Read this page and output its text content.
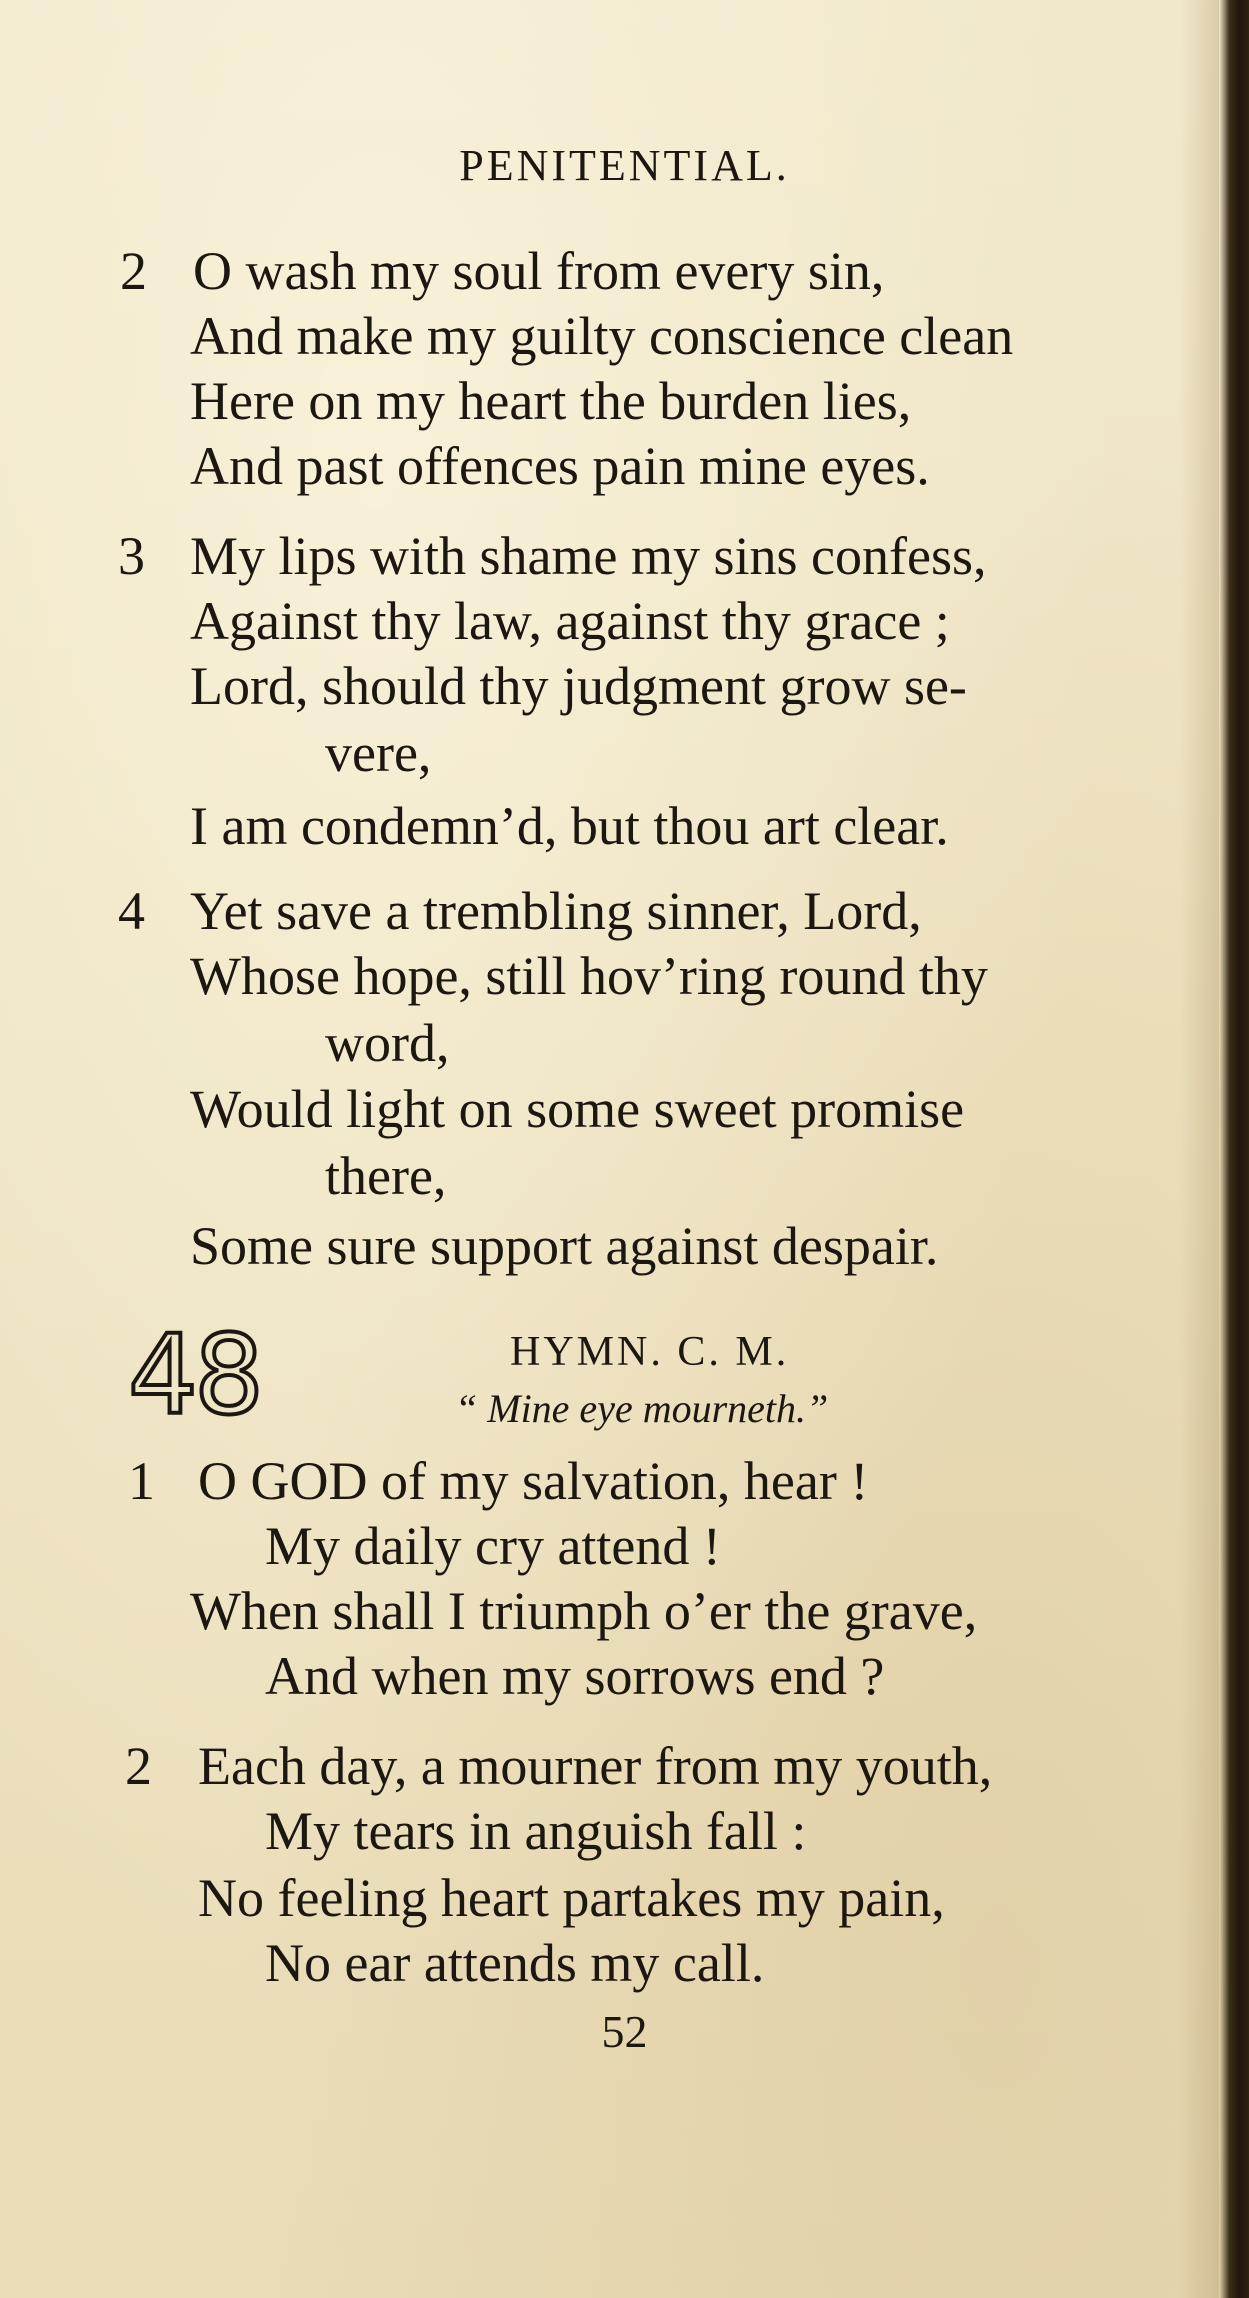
PENITENTIAL.
2 O wash my soul from every sin,
And make my guilty conscience clean
Here on my heart the burden lies,
And past offences pain mine eyes.
3 My lips with shame my sins confess,
Against thy law, against thy grace ;
Lord, should thy judgment grow se-
vere,
I am condemn’d, but thou art clear.
4 Yet save a trembling sinner, Lord,
Whose hope, still hov’ring round thy
word,
Would light on some sweet promise
there,
Some sure support against despair.
48	HYMN. C. M.
“ Mine eye mourneth.”
1 O GOD of my salvation, hear !
My daily cry attend !
When shall I triumph o’er the grave,
And when my sorrows end ?
2 Each day, a mourner from my youth,
My tears in anguish fall :
No feeling heart partakes my pain,
No ear attends my call.
52
